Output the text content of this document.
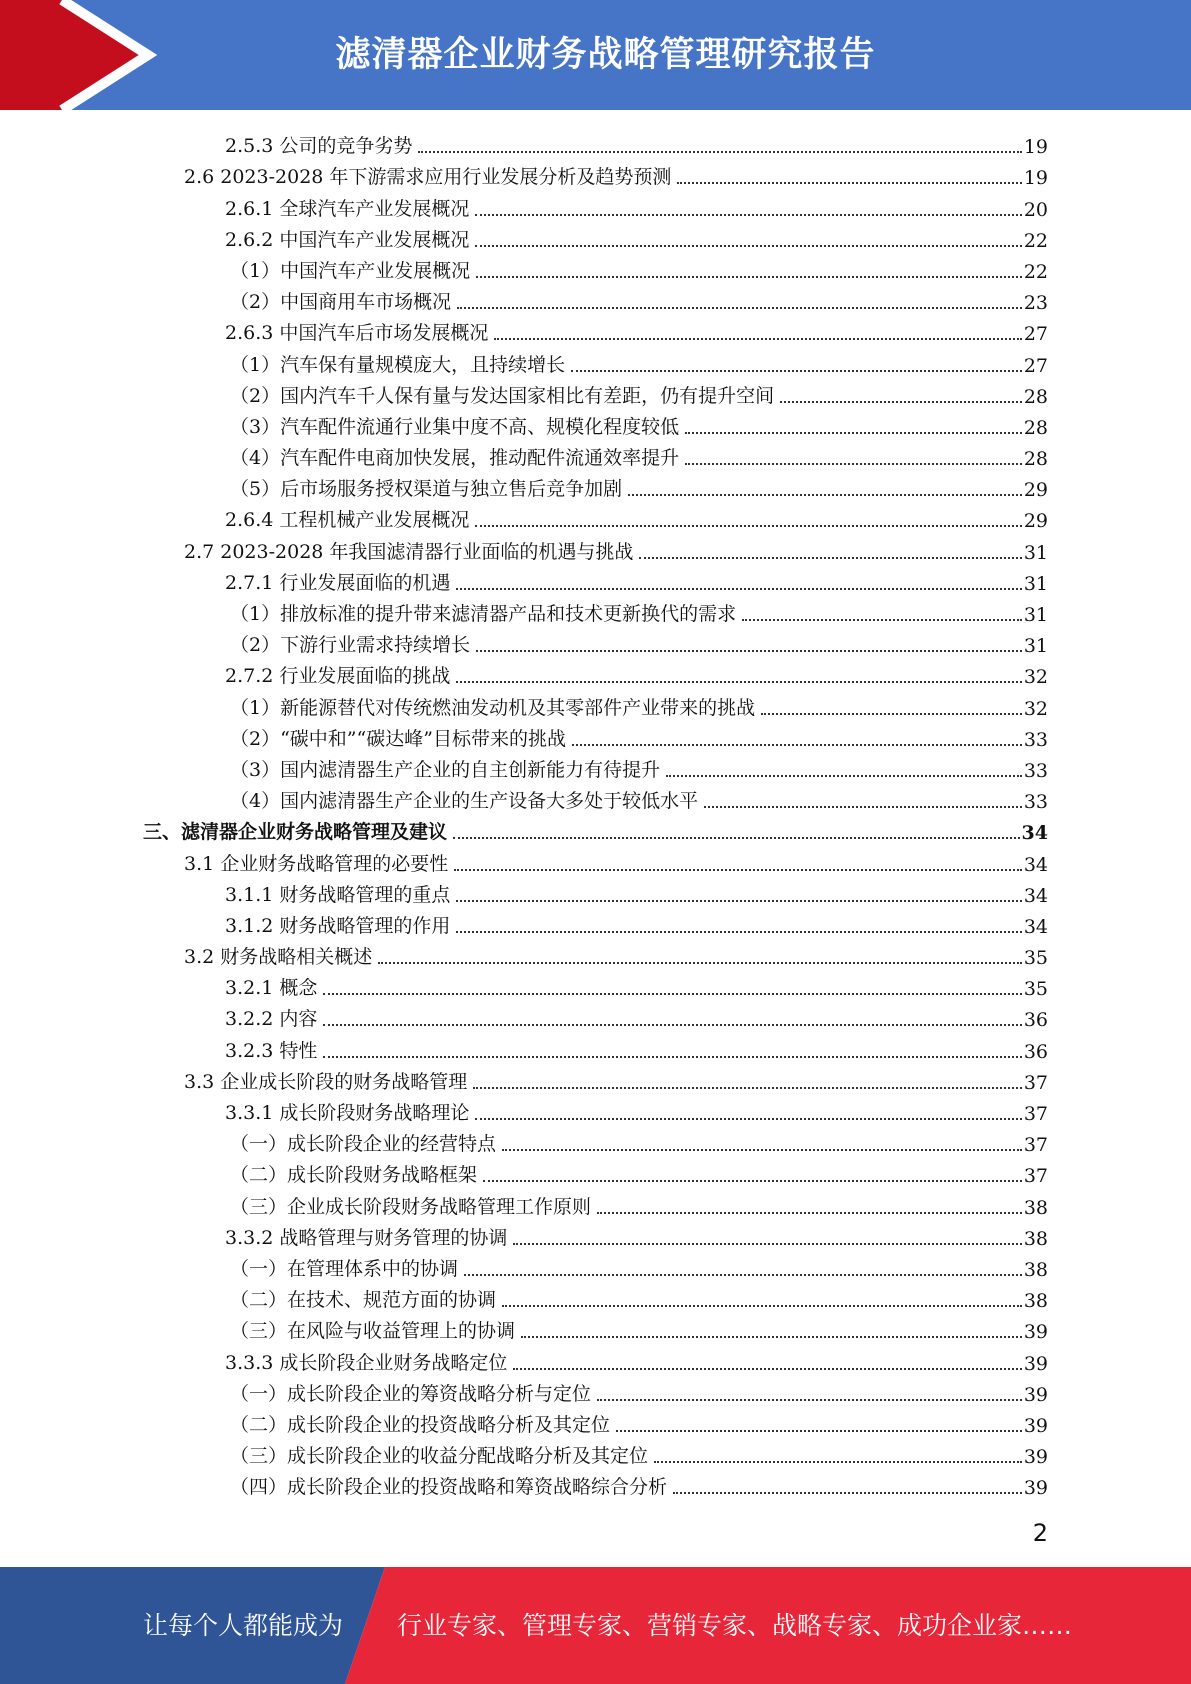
滤清器企业财务战略管理研究报告
2.5.3 公司的竞争劣势	19
2.6 2023-2028 年下游需求应用行业发展分析及趋势预测	19
2.6.1 全球汽车产业发展概况	20
2.6.2 中国汽车产业发展概况	22
（1）中国汽车产业发展概况	22
（2）中国商用车市场概况	23
2.6.3 中国汽车后市场发展概况	27
（1）汽车保有量规模庞大，且持续增长	27
（2）国内汽车千人保有量与发达国家相比有差距，仍有提升空间	28
（3）汽车配件流通行业集中度不高、规模化程度较低	28
（4）汽车配件电商加快发展，推动配件流通效率提升	28
（5）后市场服务授权渠道与独立售后竞争加剧	29
2.6.4 工程机械产业发展概况	29
2.7 2023-2028 年我国滤清器行业面临的机遇与挑战	31
2.7.1 行业发展面临的机遇	31
（1）排放标准的提升带来滤清器产品和技术更新换代的需求	31
（2）下游行业需求持续增长	31
2.7.2 行业发展面临的挑战	32
（1）新能源替代对传统燃油发动机及其零部件产业带来的挑战	32
（2）“碳中和”“碳达峰”目标带来的挑战	33
（3）国内滤清器生产企业的自主创新能力有待提升	33
（4）国内滤清器生产企业的生产设备大多处于较低水平	33
三、滤清器企业财务战略管理及建议	34
3.1 企业财务战略管理的必要性	34
3.1.1 财务战略管理的重点	34
3.1.2 财务战略管理的作用	34
3.2 财务战略相关概述	35
3.2.1 概念	35
3.2.2 内容	36
3.2.3 特性	36
3.3 企业成长阶段的财务战略管理	37
3.3.1 成长阶段财务战略理论	37
（一）成长阶段企业的经营特点	37
（二）成长阶段财务战略框架	37
（三）企业成长阶段财务战略管理工作原则	38
3.3.2 战略管理与财务管理的协调	38
（一）在管理体系中的协调	38
（二）在技术、规范方面的协调	38
（三）在风险与收益管理上的协调	39
3.3.3 成长阶段企业财务战略定位	39
（一）成长阶段企业的筹资战略分析与定位	39
（二）成长阶段企业的投资战略分析及其定位	39
（三）成长阶段企业的收益分配战略分析及其定位	39
（四）成长阶段企业的投资战略和筹资战略综合分析	39
2
让每个人都能成为 行业专家、管理专家、营销专家、战略专家、成功企业家……
